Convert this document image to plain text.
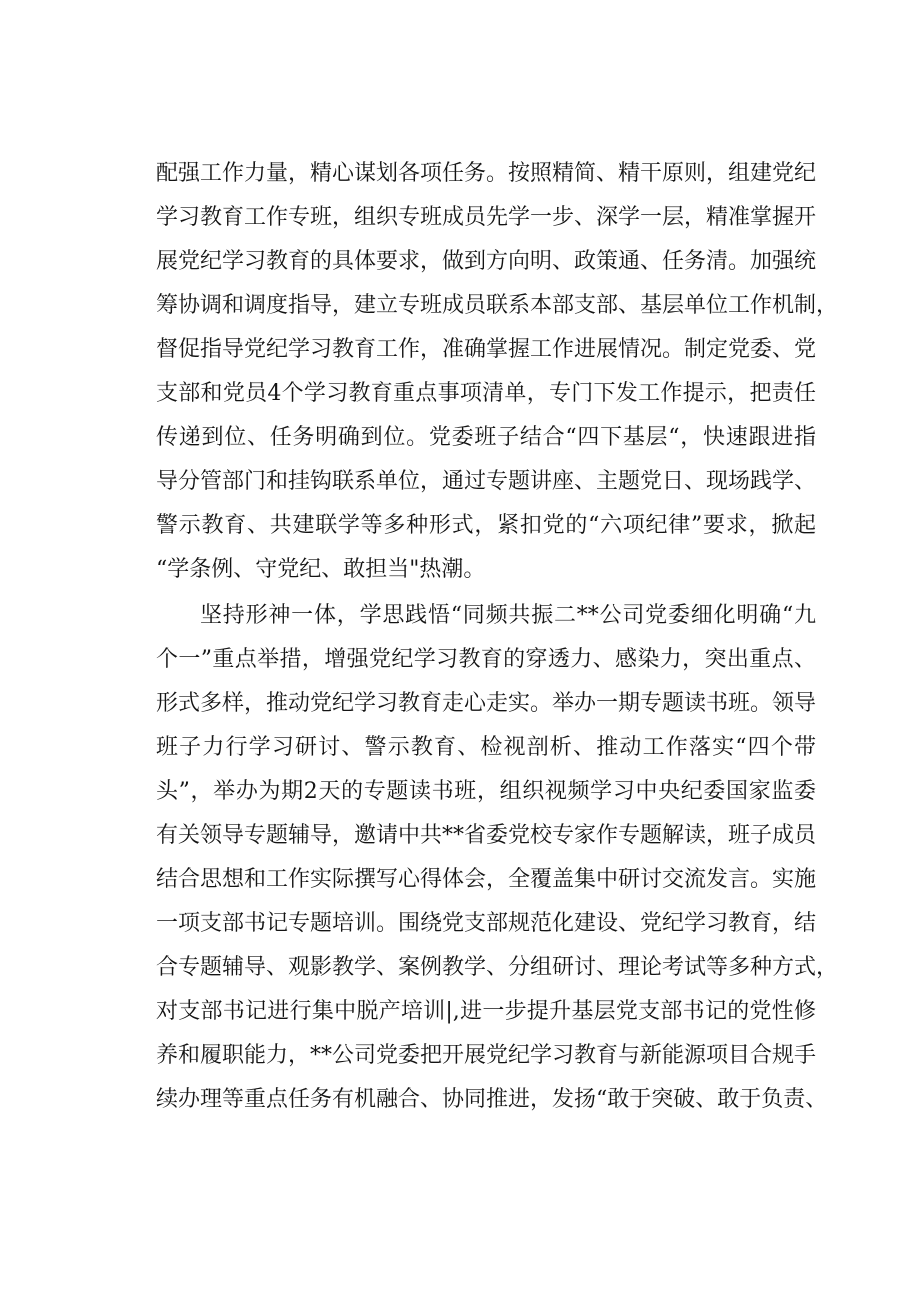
配强工作力量，精心谋划各项任务。按照精简、精干原则，组建党纪
学习教育工作专班，组织专班成员先学一步、深学一层，精准掌握开
展党纪学习教育的具体要求，做到方向明、政策通、任务清。加强统
筹协调和调度指导，建立专班成员联系本部支部、基层单位工作机制，
督促指导党纪学习教育工作，准确掌握工作进展情况。制定党委、党
支部和党员4个学习教育重点事项清单，专门下发工作提示，把责任
传递到位、任务明确到位。党委班子结合“四下基层“，快速跟进指
导分管部门和挂钩联系单位，通过专题讲座、主题党日、现场践学、
警示教育、共建联学等多种形式，紧扣党的“六项纪律”要求，掀起
“学条例、守党纪、敢担当"热潮。
坚持形神一体，学思践悟“同频共振二**公司党委细化明确“九
个一”重点举措，增强党纪学习教育的穿透力、感染力，突出重点、
形式多样，推动党纪学习教育走心走实。举办一期专题读书班。领导
班子力行学习研讨、警示教育、检视剖析、推动工作落实“四个带
头”，举办为期2天的专题读书班，组织视频学习中央纪委国家监委
有关领导专题辅导，邀请中共**省委党校专家作专题解读，班子成员
结合思想和工作实际撰写心得体会，全覆盖集中研讨交流发言。实施
一项支部书记专题培训。围绕党支部规范化建设、党纪学习教育，结
合专题辅导、观影教学、案例教学、分组研讨、理论考试等多种方式，
对支部书记进行集中脱产培训|,进一步提升基层党支部书记的党性修
养和履职能力，**公司党委把开展党纪学习教育与新能源项目合规手
续办理等重点任务有机融合、协同推进，发扬“敢于突破、敢于负责、
